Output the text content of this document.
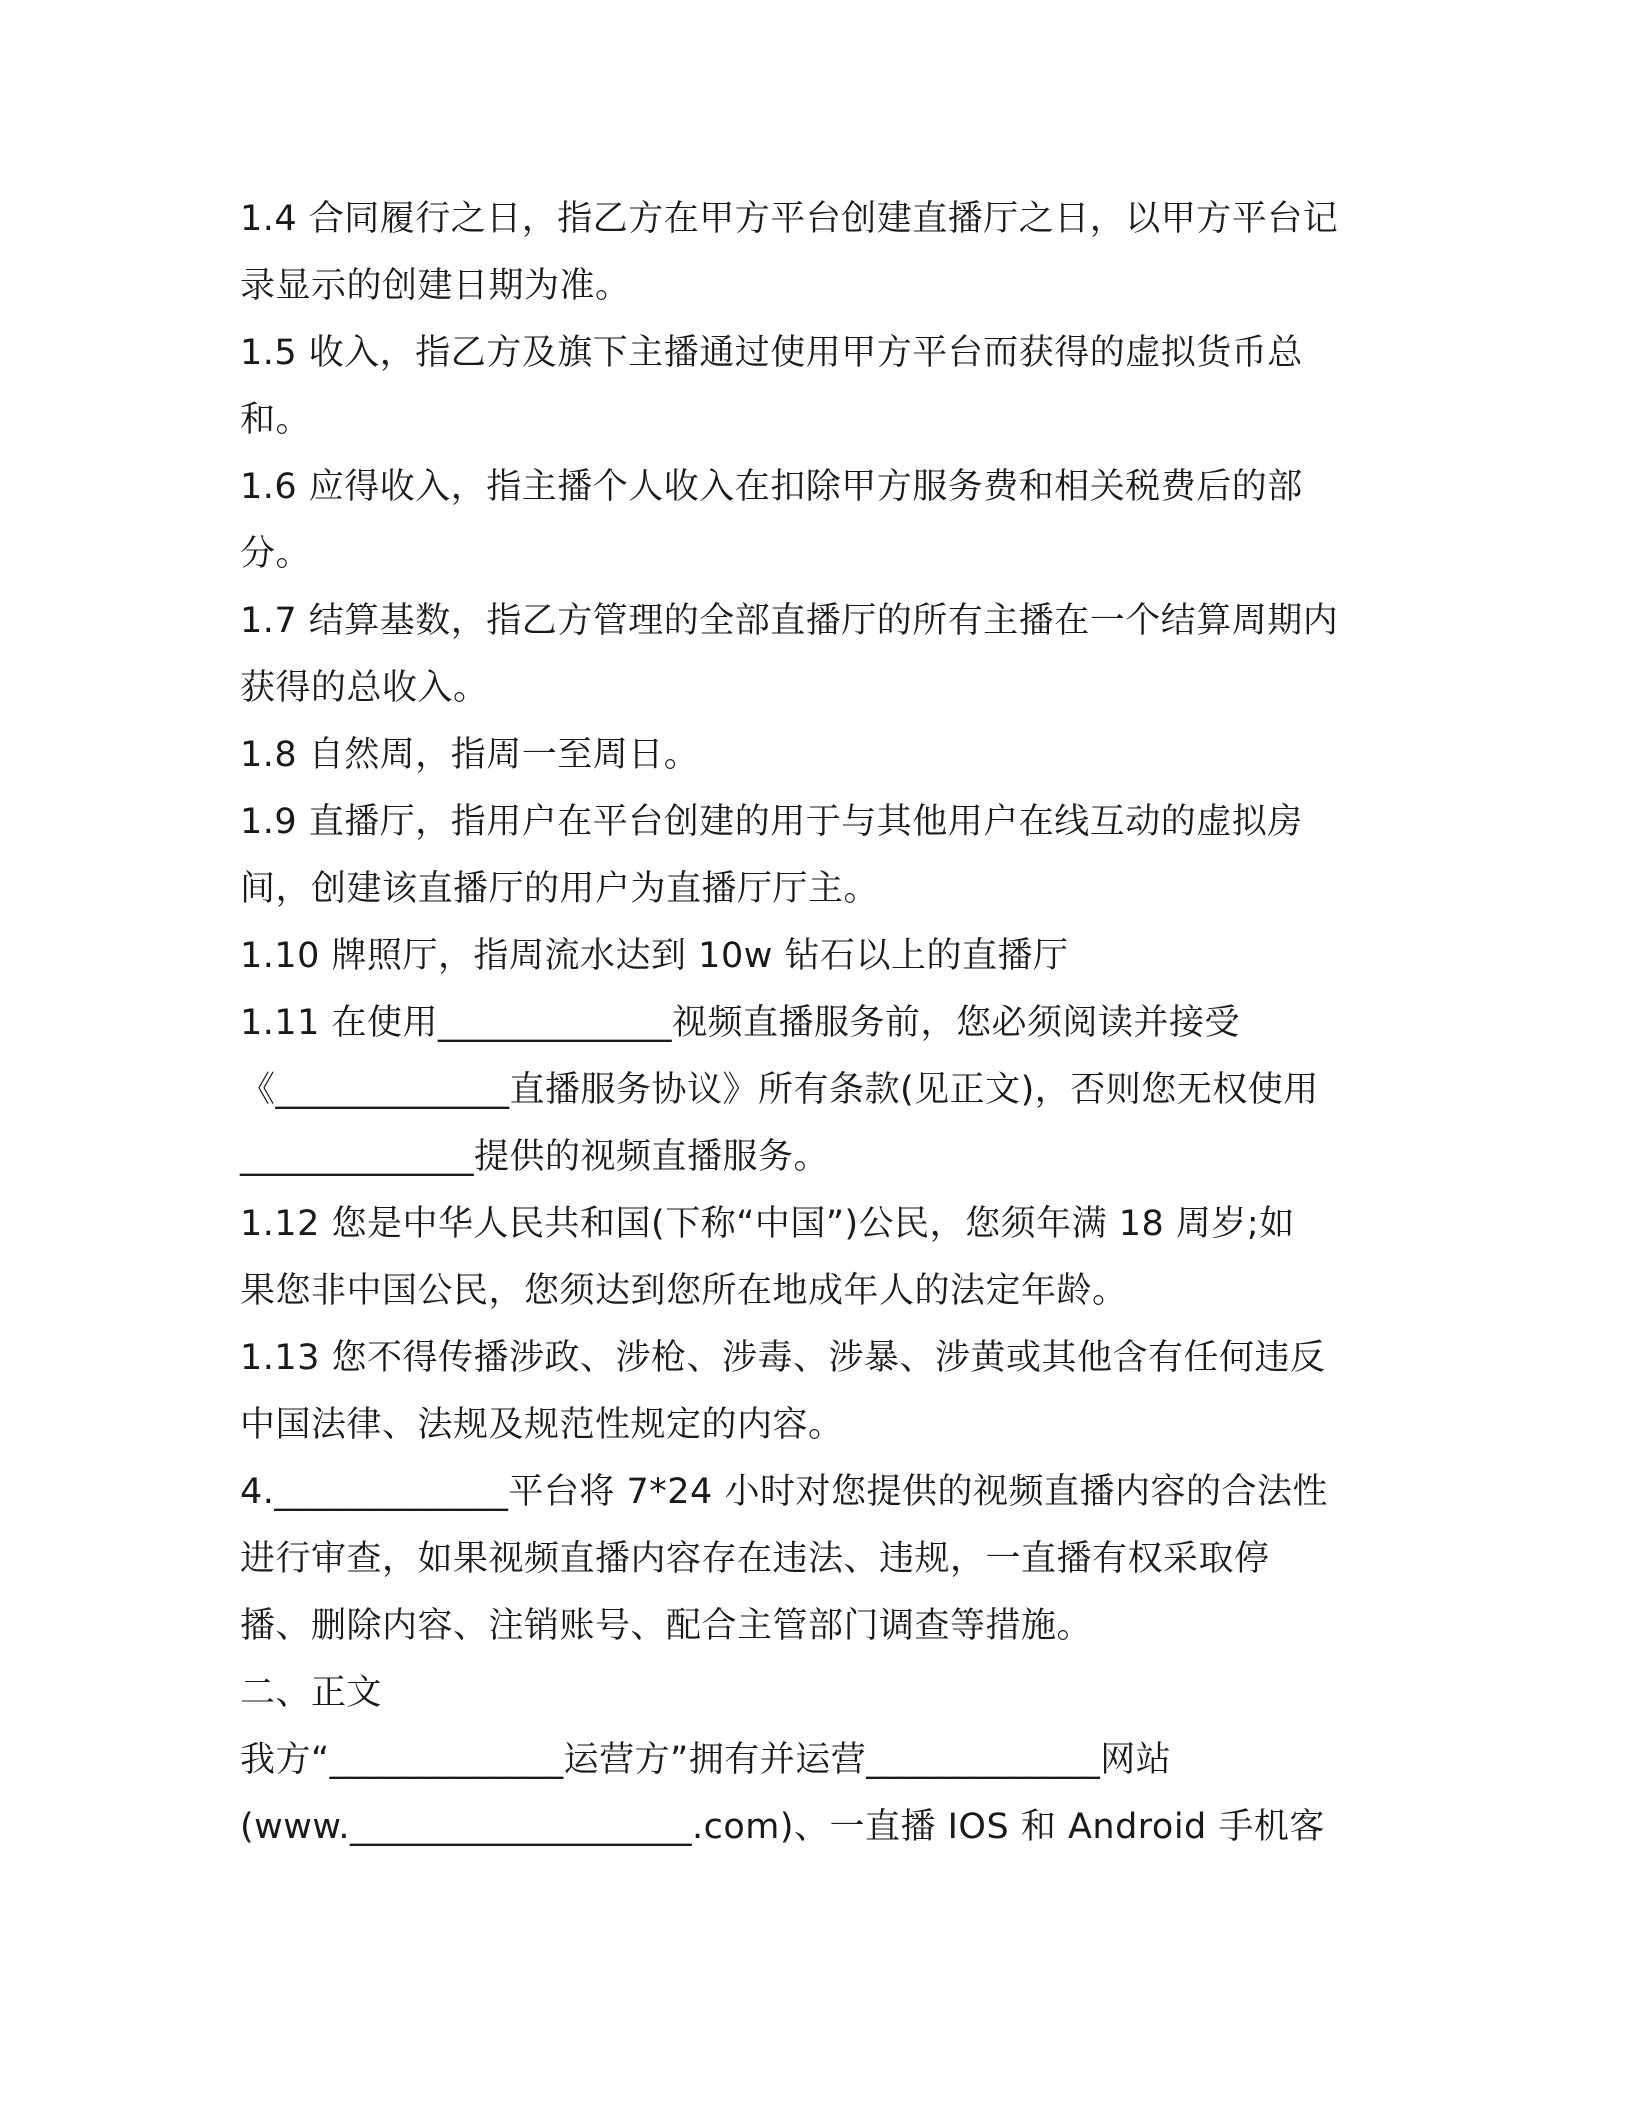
1.4 合同履行之日，指乙方在甲方平台创建直播厅之日，以甲方平台记
录显示的创建日期为准。
1.5 收入，指乙方及旗下主播通过使用甲方平台而获得的虚拟货币总
和。
1.6 应得收入，指主播个人收入在扣除甲方服务费和相关税费后的部
分。
1.7 结算基数，指乙方管理的全部直播厅的所有主播在一个结算周期内
获得的总收入。
1.8 自然周，指周一至周日。
1.9 直播厅，指用户在平台创建的用于与其他用户在线互动的虚拟房
间，创建该直播厅的用户为直播厅厅主。
1.10 牌照厅，指周流水达到 10w 钻石以上的直播厅
1.11 在使用_____________视频直播服务前，您必须阅读并接受
《_____________直播服务协议》所有条款(见正文)，否则您无权使用
_____________提供的视频直播服务。
1.12 您是中华人民共和国(下称“中国”)公民，您须年满 18 周岁;如
果您非中国公民，您须达到您所在地成年人的法定年龄。
1.13 您不得传播涉政、涉枪、涉毒、涉暴、涉黄或其他含有任何违反
中国法律、法规及规范性规定的内容。
4._____________平台将 7*24 小时对您提供的视频直播内容的合法性
进行审查，如果视频直播内容存在违法、违规，一直播有权采取停
播、删除内容、注销账号、配合主管部门调查等措施。
二、正文
我方“_____________运营方”拥有并运营_____________网站
(www.___________________.com)、一直播 IOS 和 Android 手机客
